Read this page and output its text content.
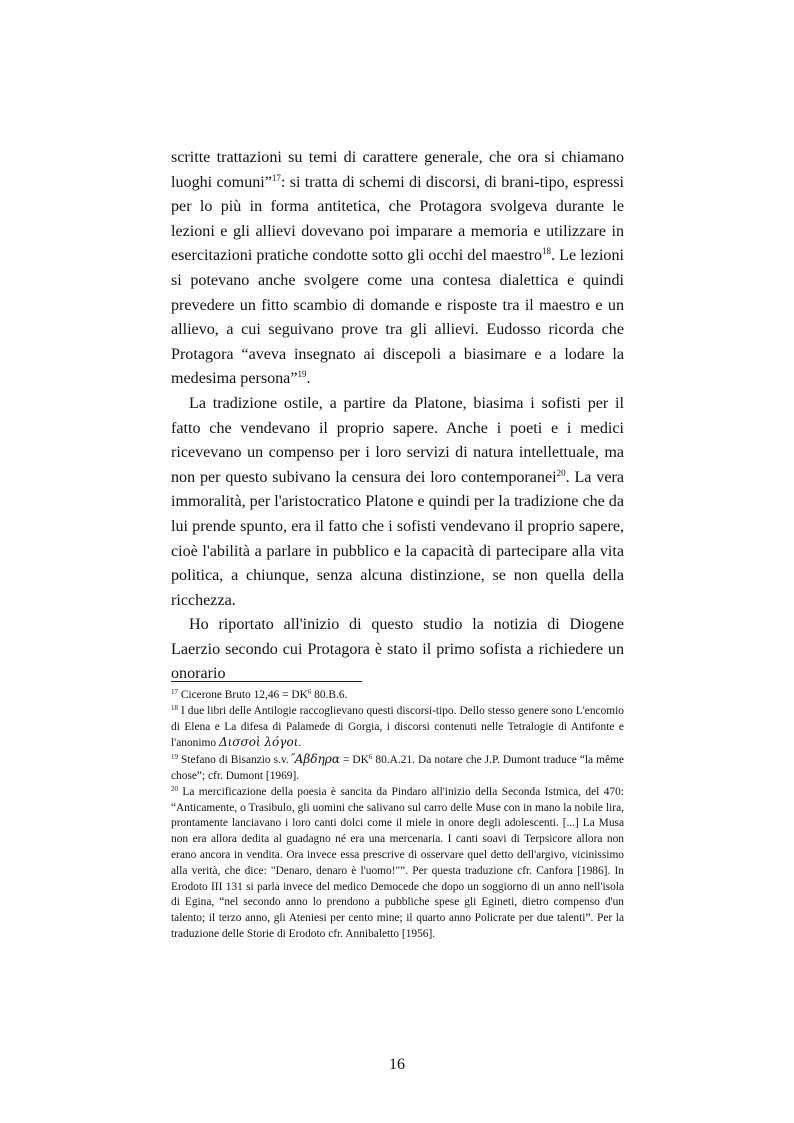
scritte trattazioni su temi di carattere generale, che ora si chiamano luoghi comuni”$^{17}$: si tratta di schemi di discorsi, di brani-tipo, espressi per lo più in forma antitetica, che Protagora svolgeva durante le lezioni e gli allievi dovevano poi imparare a memoria e utilizzare in esercitazioni pratiche condotte sotto gli occhi del maestro$^{18}$. Le lezioni si potevano anche svolgere come una contesa dialettica e quindi prevedere un fitto scambio di domande e risposte tra il maestro e un allievo, a cui seguivano prove tra gli allievi. Eudosso ricorda che Protagora “aveva insegnato ai discepoli a biasimare e a lodare la medesima persona”$^{19}$.

La tradizione ostile, a partire da Platone, biasima i sofisti per il fatto che vendevano il proprio sapere. Anche i poeti e i medici ricevevano un compenso per i loro servizi di natura intellettuale, ma non per questo subivano la censura dei loro contemporanei$^{20}$. La vera immoralità, per l'aristocratico Platone e quindi per la tradizione che da lui prende spunto, era il fatto che i sofisti vendevano il proprio sapere, cioè l'abilità a parlare in pubblico e la capacità di partecipare alla vita politica, a chiunque, senza alcuna distinzione, se non quella della ricchezza.

Ho riportato all'inizio di questo studio la notizia di Diogene Laerzio secondo cui Protagora è stato il primo sofista a richiedere un onorario

$^{17}$ Cicerone Bruto $12,46 = DK^6$ 80.B.6.

$^{18}$ I due libri delle Antilogie raccoglievano questi discorsi-tipo. Dello stesso genere sono L'encomio di Elena e La difesa di Palamede di Gorgia, i discorsi contenuti nelle Tetralogie di Antifonte e l'anonimo Δισσοὶ λόγοι.

$^{19}$ Stefano di Bisanzio s.v.˝Αβδηρα = $DK^6$ 80.A.21. Da notare che J.P. Dumont traduce “la même chose”; cfr. Dumont [1969].

$^{20}$ La mercificazione della poesia è sancita da Pindaro all'inizio della Seconda Istmica, del 470: “Anticamente, o Trasibulo, gli uomini che salivano sul carro delle Muse con in mano la nobile lira, prontamente lanciavano i loro canti dolci come il miele in onore degli adolescenti. [...] La Musa non era allora dedita al guadagno né era una mercenaria. I canti soavi di Terpsicore allora non erano ancora in vendita. Ora invece essa prescrive di osservare quel detto dell'argivo, vicinissimo alla verità, che dice: "Denaro, denaro è l'uomo!"”. Per questa traduzione cfr. Canfora [1986]. In Erodoto III 131 si parla invece del medico Democede che dopo un soggiorno di un anno nell'isola di Egina, “nel secondo anno lo prendono a pubbliche spese gli Egineti, dietro compenso d'un talento; il terzo anno, gli Ateniesi per cento mine; il quarto anno Policrate per due talenti”. Per la traduzione delle Storie di Erodoto cfr. Annibaletto [1956].

16
